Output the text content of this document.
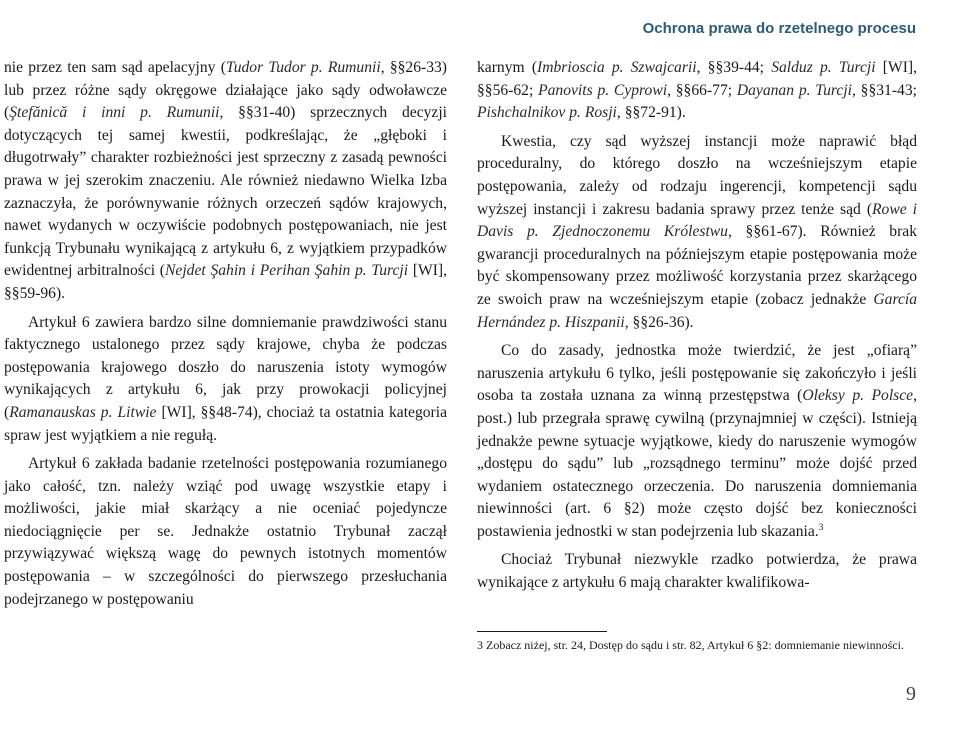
Ochrona prawa do rzetelnego procesu

nie przez ten sam sąd apelacyjny (Tudor Tudor p. Rumunii, §§26-33) lub przez różne sądy okręgowe działające jako sądy odwoławcze (Ştefănică i inni p. Rumunii, §§31-40) sprzecznych decyzji dotyczących tej samej kwestii, podkreślając, że „głęboki i długotrwały” charakter rozbieżności jest sprzeczny z zasadą pewności prawa w jej szerokim znaczeniu. Ale również niedawno Wielka Izba zaznaczyła, że porównywanie różnych orzeczeń sądów krajowych, nawet wydanych w oczywiście podobnych postępowaniach, nie jest funkcją Trybunału wynikającą z artykułu 6, z wyjątkiem przypadków ewidentnej arbitralności (Nejdet Şahin i Perihan Şahin p. Turcji [WI], §§59-96).

Artykuł 6 zawiera bardzo silne domniemanie prawdziwości stanu faktycznego ustalonego przez sądy krajowe, chyba że podczas postępowania krajowego doszło do naruszenia istoty wymogów wynikających z artykułu 6, jak przy prowokacji policyjnej (Ramanauskas p. Litwie [WI], §§48-74), chociaż ta ostatnia kategoria spraw jest wyjątkiem a nie regułą.

Artykuł 6 zakłada badanie rzetelności postępowania rozumianego jako całość, tzn. należy wziąć pod uwagę wszystkie etapy i możliwości, jakie miał skarżący a nie oceniać pojedyncze niedociągnięcie per se. Jednakże ostatnio Trybunał zaczął przywiązywać większą wagę do pewnych istotnych momentów postępowania – w szczególności do pierwszego przesłuchania podejrzanego w postępowaniu

karnym (Imbrioscia p. Szwajcarii, §§39-44; Salduz p. Turcji [WI], §§56-62; Panovits p. Cyprowi, §§66-77; Dayanan p. Turcji, §§31-43; Pishchalnikov p. Rosji, §§72-91).

Kwestia, czy sąd wyższej instancji może naprawić błąd proceduralny, do którego doszło na wcześniejszym etapie postępowania, zależy od rodzaju ingerencji, kompetencji sądu wyższej instancji i zakresu badania sprawy przez tenże sąd (Rowe i Davis p. Zjednoczonemu Królestwu, §§61-67). Również brak gwarancji proceduralnych na późniejszym etapie postępowania może być skompensowany przez możliwość korzystania przez skarżącego ze swoich praw na wcześniejszym etapie (zobacz jednakże García Hernández p. Hiszpanii, §§26-36).

Co do zasady, jednostka może twierdzić, że jest „ofiarą” naruszenia artykułu 6 tylko, jeśli postępowanie się zakończyło i jeśli osoba ta została uznana za winną przestępstwa (Oleksy p. Polsce, post.) lub przegrała sprawę cywilną (przynajmniej w części). Istnieją jednakże pewne sytuacje wyjątkowe, kiedy do naruszenie wymogów „dostępu do sądu” lub „rozsądnego terminu” może dojść przed wydaniem ostatecznego orzeczenia. Do naruszenia domniemania niewinności (art. 6 §2) może często dojść bez konieczności postawienia jednostki w stan podejrzenia lub skazania.$^3$

Chociaż Trybunał niezwykle rzadko potwierdza, że prawa wynikające z artykułu 6 mają charakter kwalifikowa-

3 Zobacz niżej, str. 24, Dostęp do sądu i str. 82, Artykuł 6 §2: domniemanie niewinności.
9
